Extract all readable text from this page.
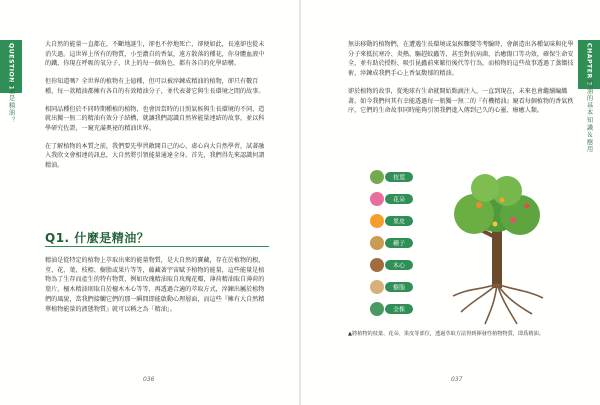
QUESTION 1
什麼是精油？

大自然的能量一直都在，不斷地誕生，卻也不停地死亡，卻便如此，長遠卻也從未消失過。這世界上所有的物質，小至濃自的香氣，遠方散落的種花，你身體血液中的鐵，你現在呼吸的氧分子，世上的每一個角色，都有各自的化學結構。

但你知道嗎？全世界的植物有上億種，但可以被淬鍊成精油的植物，卻只有數百種，每一款精油都擁有各自的有效精油分子，並代表著它與生長環境之間的故事。

相同品種但於不同時期種植的植物，也會因當時的日照氣候與生長環境的不同，造就出獨一無二的精油有效分子結構，就讓我們認識自然界能量連結的故事，並以科學研究佐證，一窺充滿奧祕的精油世界。

在了解植物的本質之前，我們要先學習敞開自己的心，虛心向大自然學習，試著融入我欣文會相連的訊息，大自然將引領能量通達全身。首先，我們得先來認識何謂精油。

Q1. 什麼是精油？

精油是從特定的植物上萃取出來的能量物質，是大自然的寶藏，存在於植物的根、莖、花、葉、枝椏、樹脂或果片等等，蘊藏著宇宙賦予植物的能量，這些能量是植物為了生存而產生的特有物質，例如玫瑰精油取自玫瑰花瓣，薄荷精油取自薄荷的葉片，檀木精油則取自於檀木木心等等，再透過合適的萃取方式，淬鍊出屬於植物們的風貌，當我們接觸它們的那一瞬間即能啟動心理層面，而這些『擁有大自然精華植物能量的液態物質』就可以稱之為「精油」。

036
CHAPTER 2
精油的基本知識＆應用

無法移動的植物們，在遭遇生長環境或氣候驟變等考驗時，會創造出各種氣味與化學分子來抵抗寒冷、炎熱、驅趕蚊蟲等，甚至對抗病菌，治癒傷口等功效，確保生命安全，並有助於授粉、吸引昆蟲前來繁衍後代等行為，而植物的這些故事透過了蒸餾技術，淬鍊成我們手心上香氣馥郁的精油。

卻於植物的故事，從地球有生命就開始點滴注入，一直到現在，未來也會繼續編織著。如今我們何其有幸能透過每一瓶獨一無二的『有機精油』窺看每個植物的香氣秩序，它們的生命故事同時能夠引領我們進入傳到己久的心靈、療癒人類。

枝葉
花朵
果皮
種子
木心
樹脂
全株
▲將植物的枝葉、花朵、果皮等部位，透過萃取方法得到揮發性植物物質，即爲精油。
037
